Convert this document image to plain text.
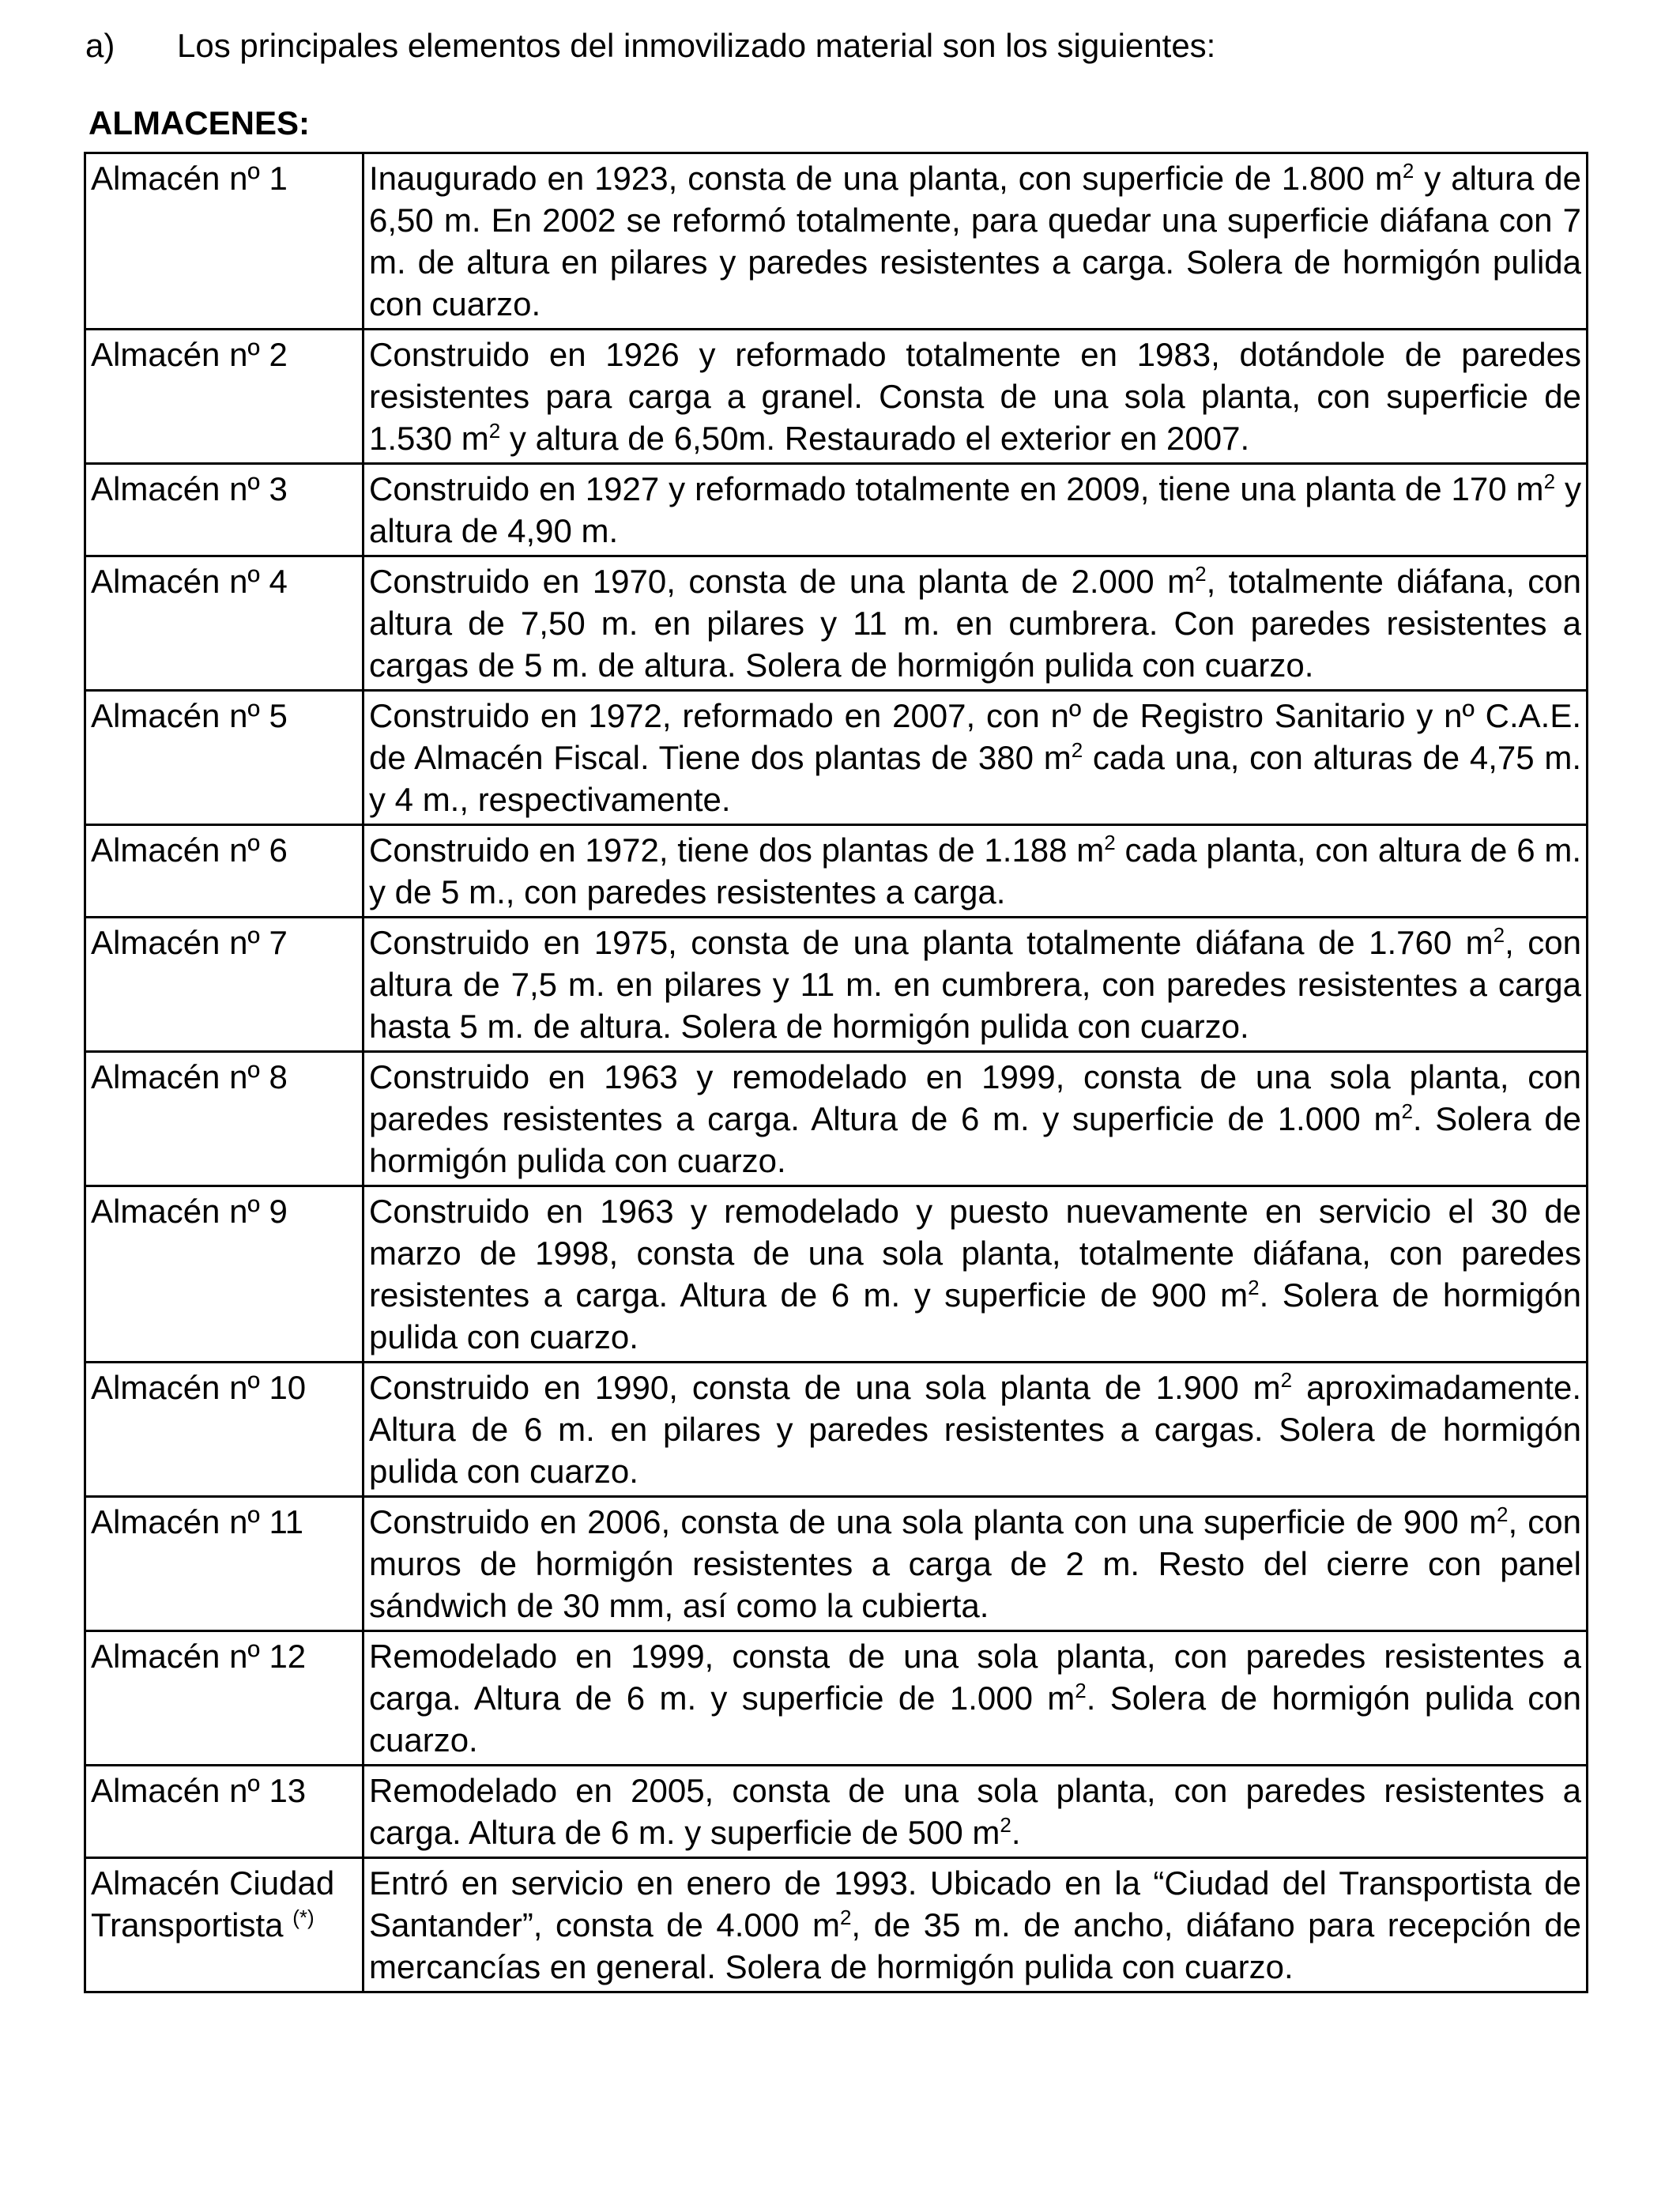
a) Los principales elementos del inmovilizado material son los siguientes:
ALMACENES:
Almacén nº 1	Inaugurado en 1923, consta de una planta, con superficie de 1.800 $m^2$ y altura de 6,50 m. En 2002 se reformó totalmente, para quedar una superficie diáfana con 7 m. de altura en pilares y paredes resistentes a carga. Solera de hormigón pulida con cuarzo.
Almacén nº 2	Construido en 1926 y reformado totalmente en 1983, dotándole de paredes resistentes para carga a granel. Consta de una sola planta, con superficie de 1.530 $m^2$ y altura de 6,50m. Restaurado el exterior en 2007.
Almacén nº 3	Construido en 1927 y reformado totalmente en 2009, tiene una planta de 170 $m^2$ y altura de 4,90 m.
Almacén nº 4	Construido en 1970, consta de una planta de 2.000 $m^2$, totalmente diáfana, con altura de 7,50 m. en pilares y 11 m. en cumbrera. Con paredes resistentes a cargas de 5 m. de altura. Solera de hormigón pulida con cuarzo.
Almacén nº 5	Construido en 1972, reformado en 2007, con nº de Registro Sanitario y nº C.A.E. de Almacén Fiscal. Tiene dos plantas de 380 $m^2$ cada una, con alturas de 4,75 m. y 4 m., respectivamente.
Almacén nº 6	Construido en 1972, tiene dos plantas de 1.188 $m^2$ cada planta, con altura de 6 m. y de 5 m., con paredes resistentes a carga.
Almacén nº 7	Construido en 1975, consta de una planta totalmente diáfana de 1.760 $m^2$, con altura de 7,5 m. en pilares y 11 m. en cumbrera, con paredes resistentes a carga hasta 5 m. de altura. Solera de hormigón pulida con cuarzo.
Almacén nº 8	Construido en 1963 y remodelado en 1999, consta de una sola planta, con paredes resistentes a carga. Altura de 6 m. y superficie de 1.000 $m^2$. Solera de hormigón pulida con cuarzo.
Almacén nº 9	Construido en 1963 y remodelado y puesto nuevamente en servicio el 30 de marzo de 1998, consta de una sola planta, totalmente diáfana, con paredes resistentes a carga. Altura de 6 m. y superficie de 900 $m^2$. Solera de hormigón pulida con cuarzo.
Almacén nº 10	Construido en 1990, consta de una sola planta de 1.900 $m^2$ aproximadamente. Altura de 6 m. en pilares y paredes resistentes a cargas. Solera de hormigón pulida con cuarzo.
Almacén nº 11	Construido en 2006, consta de una sola planta con una superficie de 900 $m^2$, con muros de hormigón resistentes a carga de 2 m. Resto del cierre con panel sándwich de 30 mm, así como la cubierta.
Almacén nº 12	Remodelado en 1999, consta de una sola planta, con paredes resistentes a carga. Altura de 6 m. y superficie de 1.000 $m^2$. Solera de hormigón pulida con cuarzo.
Almacén nº 13	Remodelado en 2005, consta de una sola planta, con paredes resistentes a carga. Altura de 6 m. y superficie de 500 $m^2$.
Almacén Ciudad Transportista (*)	Entró en servicio en enero de 1993. Ubicado en la “Ciudad del Transportista de Santander”, consta de 4.000 $m^2$, de 35 m. de ancho, diáfano para recepción de mercancías en general. Solera de hormigón pulida con cuarzo.
